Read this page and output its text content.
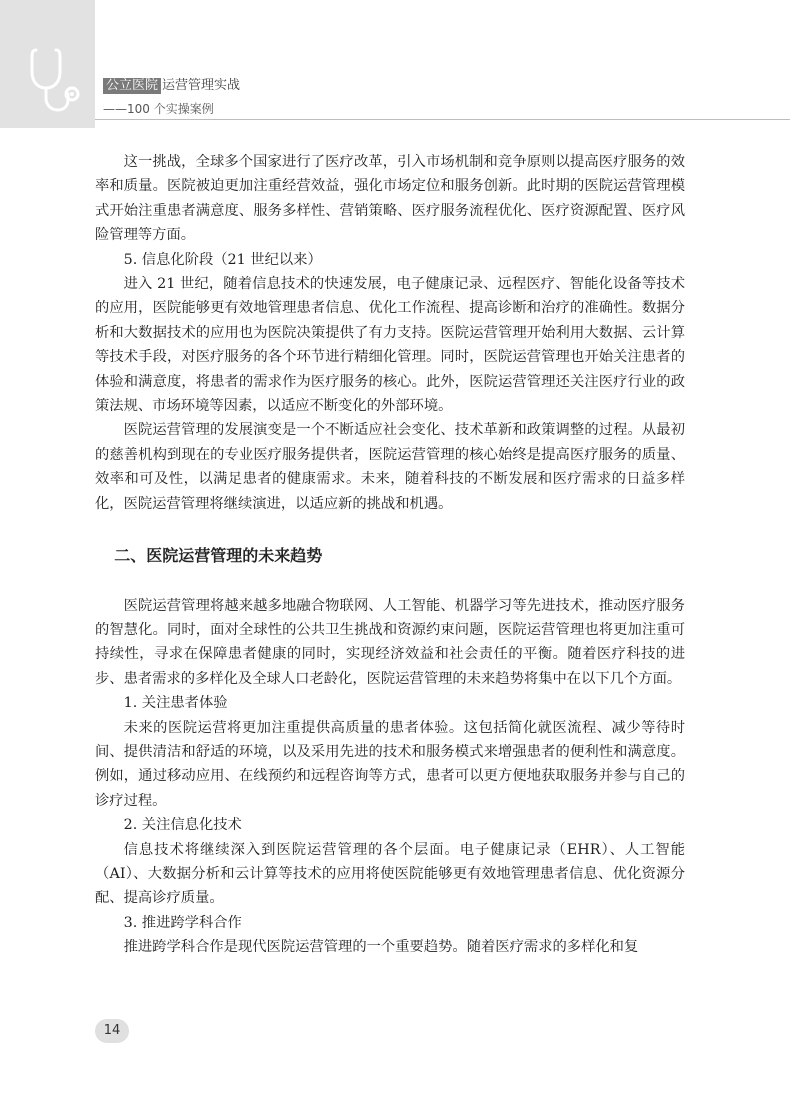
公立医院 运营管理实战
——100 个实操案例

这一挑战，全球多个国家进行了医疗改革，引入市场机制和竞争原则以提高医疗服务的效率和质量。医院被迫更加注重经营效益，强化市场定位和服务创新。此时期的医院运营管理模式开始注重患者满意度、服务多样性、营销策略、医疗服务流程优化、医疗资源配置、医疗风险管理等方面。

5. 信息化阶段（21 世纪以来）

进入 21 世纪，随着信息技术的快速发展，电子健康记录、远程医疗、智能化设备等技术的应用，医院能够更有效地管理患者信息、优化工作流程、提高诊断和治疗的准确性。数据分析和大数据技术的应用也为医院决策提供了有力支持。医院运营管理开始利用大数据、云计算等技术手段，对医疗服务的各个环节进行精细化管理。同时，医院运营管理也开始关注患者的体验和满意度，将患者的需求作为医疗服务的核心。此外，医院运营管理还关注医疗行业的政策法规、市场环境等因素，以适应不断变化的外部环境。

医院运营管理的发展演变是一个不断适应社会变化、技术革新和政策调整的过程。从最初的慈善机构到现在的专业医疗服务提供者，医院运营管理的核心始终是提高医疗服务的质量、效率和可及性，以满足患者的健康需求。未来，随着科技的不断发展和医疗需求的日益多样化，医院运营管理将继续演进，以适应新的挑战和机遇。

二、医院运营管理的未来趋势

医院运营管理将越来越多地融合物联网、人工智能、机器学习等先进技术，推动医疗服务的智慧化。同时，面对全球性的公共卫生挑战和资源约束问题，医院运营管理也将更加注重可持续性，寻求在保障患者健康的同时，实现经济效益和社会责任的平衡。随着医疗科技的进步、患者需求的多样化及全球人口老龄化，医院运营管理的未来趋势将集中在以下几个方面。

1. 关注患者体验

未来的医院运营将更加注重提供高质量的患者体验。这包括简化就医流程、减少等待时间、提供清洁和舒适的环境，以及采用先进的技术和服务模式来增强患者的便利性和满意度。例如，通过移动应用、在线预约和远程咨询等方式，患者可以更方便地获取服务并参与自己的诊疗过程。

2. 关注信息化技术

信息技术将继续深入到医院运营管理的各个层面。电子健康记录（EHR）、人工智能（AI）、大数据分析和云计算等技术的应用将使医院能够更有效地管理患者信息、优化资源分配、提高诊疗质量。

3. 推进跨学科合作

推进跨学科合作是现代医院运营管理的一个重要趋势。随着医疗需求的多样化和复

14
